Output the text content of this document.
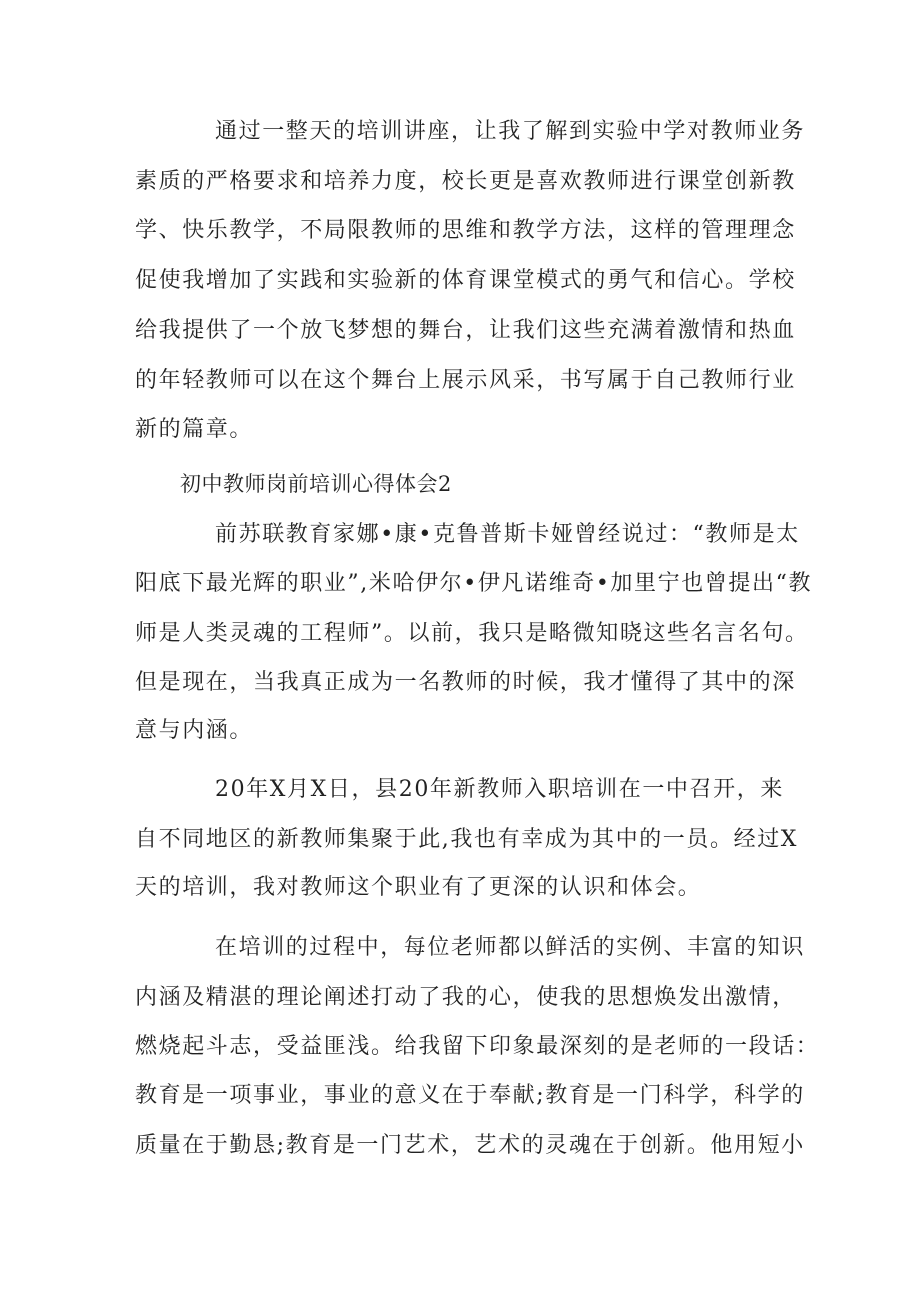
通过一整天的培训讲座，让我了解到实验中学对教师业务
素质的严格要求和培养力度，校长更是喜欢教师进行课堂创新教
学、快乐教学，不局限教师的思维和教学方法，这样的管理理念
促使我增加了实践和实验新的体育课堂模式的勇气和信心。学校
给我提供了一个放飞梦想的舞台，让我们这些充满着激情和热血
的年轻教师可以在这个舞台上展示风采，书写属于自己教师行业
新的篇章。
初中教师岗前培训心得体会2
前苏联教育家娜•康•克鲁普斯卡娅曾经说过：“教师是太
阳底下最光辉的职业”,米哈伊尔•伊凡诺维奇•加里宁也曾提出“教
师是人类灵魂的工程师”。以前，我只是略微知晓这些名言名句。
但是现在，当我真正成为一名教师的时候，我才懂得了其中的深
意与内涵。
20年X月X日，县20年新教师入职培训在一中召开，来
自不同地区的新教师集聚于此,我也有幸成为其中的一员。经过X
天的培训，我对教师这个职业有了更深的认识和体会。
在培训的过程中，每位老师都以鲜活的实例、丰富的知识
内涵及精湛的理论阐述打动了我的心，使我的思想焕发出激情，
燃烧起斗志，受益匪浅。给我留下印象最深刻的是老师的一段话：
教育是一项事业，事业的意义在于奉献;教育是一门科学，科学的
质量在于勤恳;教育是一门艺术，艺术的灵魂在于创新。他用短小
